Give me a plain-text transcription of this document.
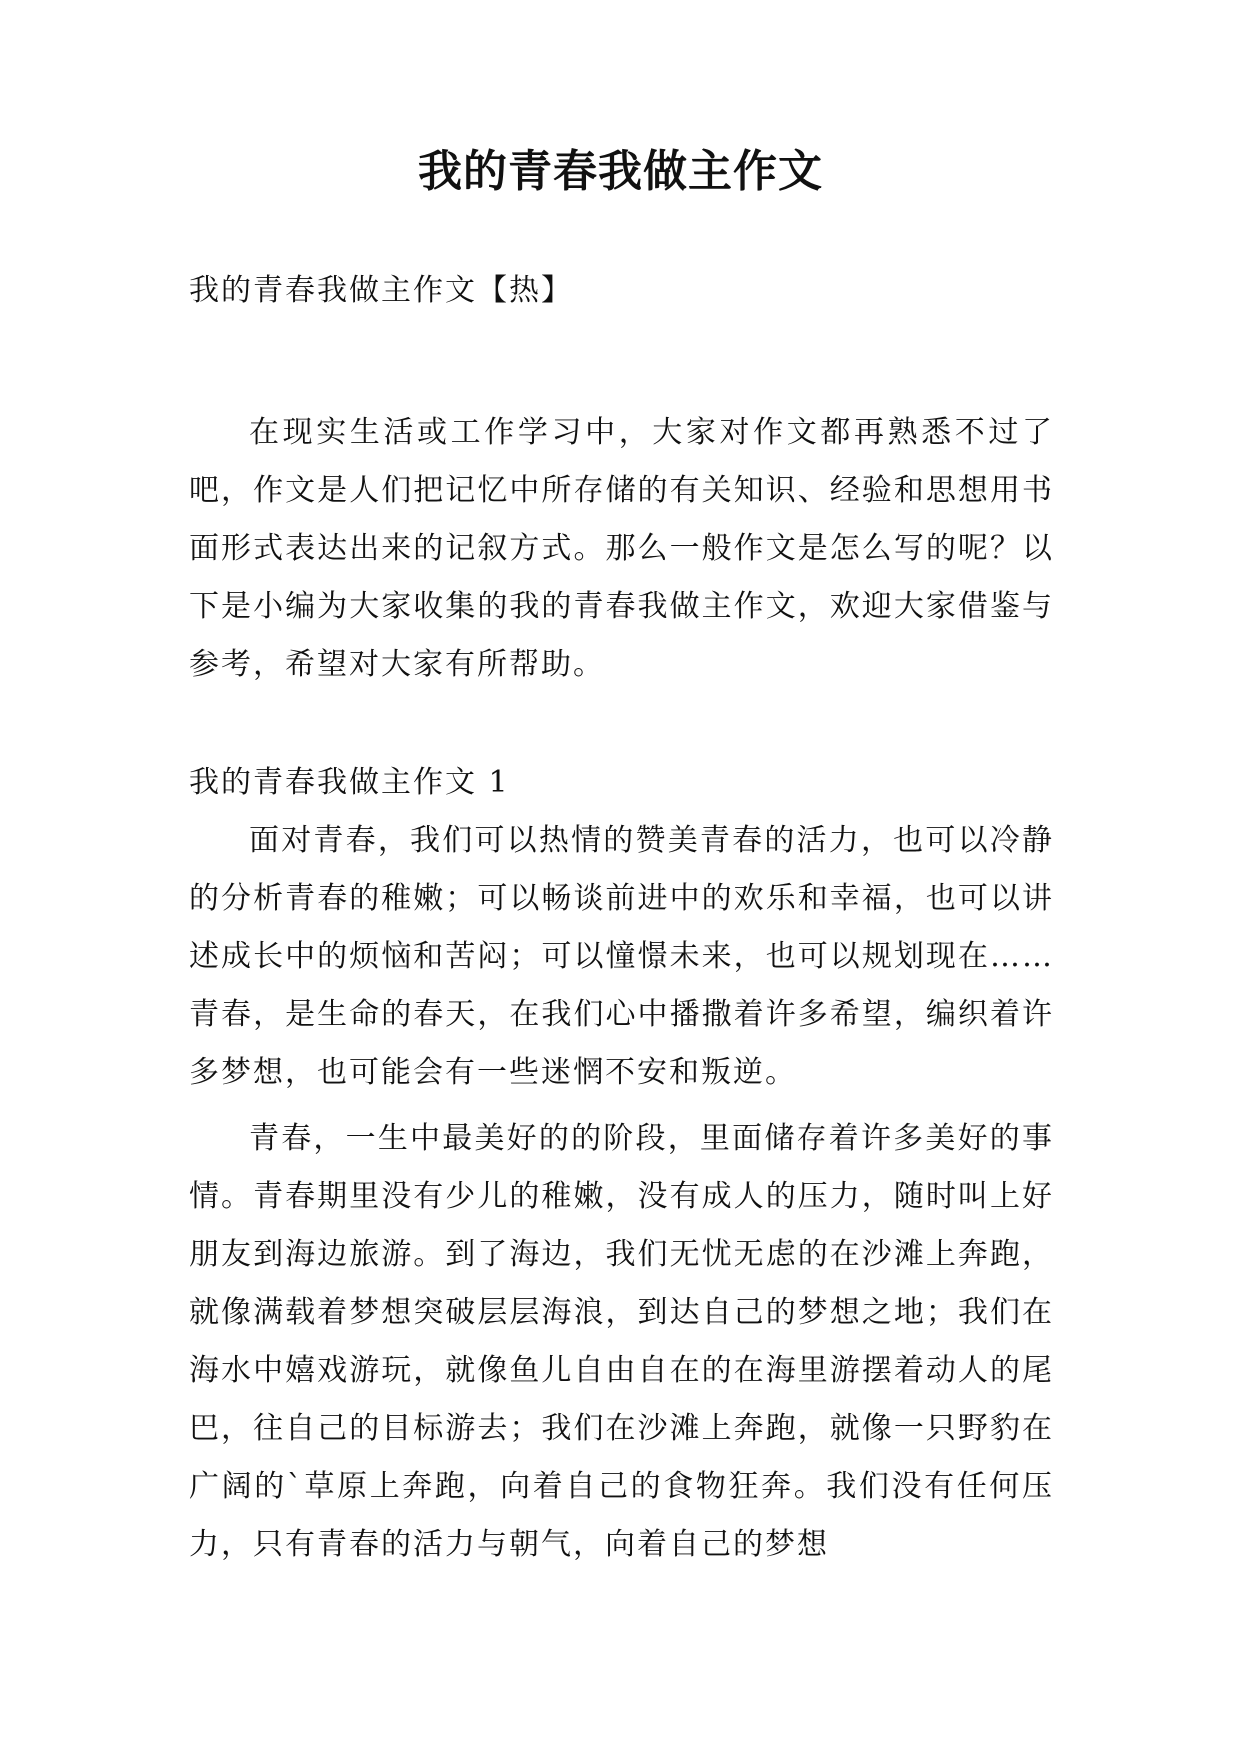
我的青春我做主作文
我的青春我做主作文【热】

在现实生活或工作学习中，大家对作文都再熟悉不过了吧，作文是人们把记忆中所存储的有关知识、经验和思想用书面形式表达出来的记叙方式。那么一般作文是怎么写的呢？以下是小编为大家收集的我的青春我做主作文，欢迎大家借鉴与参考，希望对大家有所帮助。

我的青春我做主作文 1

面对青春，我们可以热情的赞美青春的活力，也可以冷静的分析青春的稚嫩；可以畅谈前进中的欢乐和幸福，也可以讲述成长中的烦恼和苦闷；可以憧憬未来，也可以规划现在……青春，是生命的春天，在我们心中播撒着许多希望，编织着许多梦想，也可能会有一些迷惘不安和叛逆。

青春，一生中最美好的的阶段，里面储存着许多美好的事情。青春期里没有少儿的稚嫩，没有成人的压力，随时叫上好朋友到海边旅游。到了海边，我们无忧无虑的在沙滩上奔跑，就像满载着梦想突破层层海浪，到达自己的梦想之地；我们在海水中嬉戏游玩，就像鱼儿自由自在的在海里游摆着动人的尾巴，往自己的目标游去；我们在沙滩上奔跑，就像一只野豹在广阔的`草原上奔跑，向着自己的食物狂奔。我们没有任何压力，只有青春的活力与朝气，向着自己的梦想
